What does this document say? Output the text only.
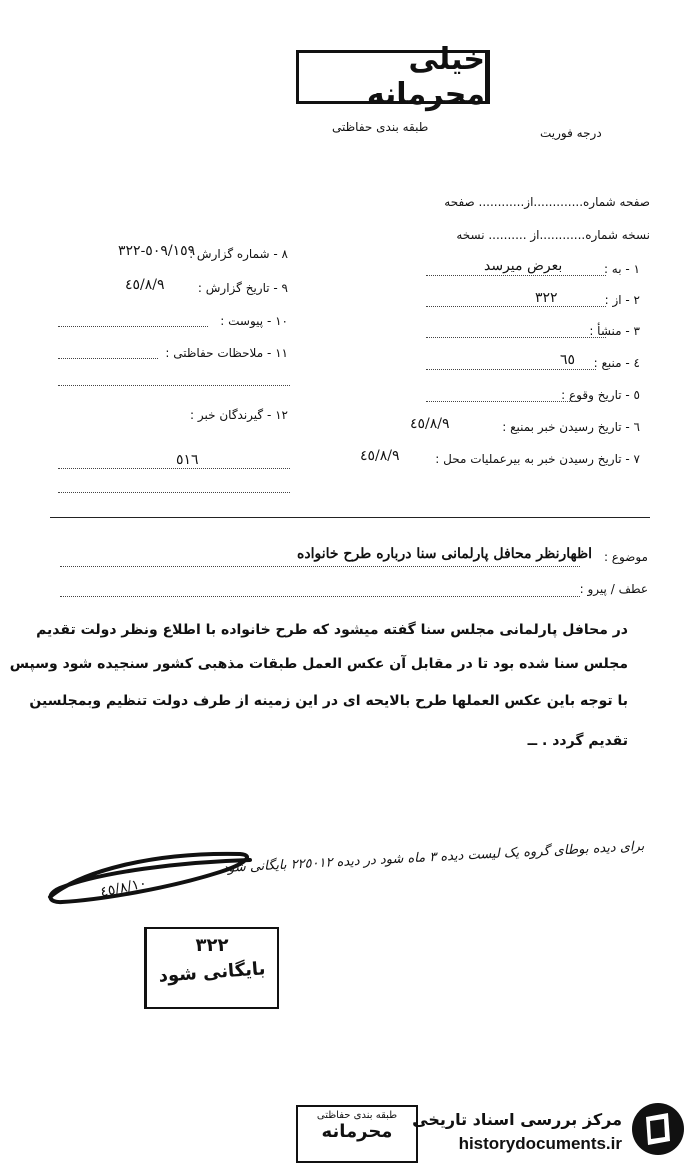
خیلی محرمانه
طبقه بندی حفاظتی	درجه فوریت
صفحه شماره.............از............ صفحه
نسخه شماره............از .......... نسخه
۱ - به :
بعرض میرسد
۲ - از :
۳۲۲
۳ - منشأ :
٤ - منبع :
٦٥
٥ - تاریخ وقوع :
٦ - تاریخ رسیدن خبر بمنبع :
٤٥/٨/٩
٧ - تاریخ رسیدن خبر به بیرعملیات محل :
٤٥/٨/٩
۸ - شماره گزارش :
٥٠٩/١٥٩-٣٢٢
۹ - تاریخ گزارش :
٤٥/٨/٩
۱۰ - پیوست :
۱۱ - ملاحظات حفاظتی :
۱۲ - گیرندگان خبر :
٥١٦
موضوع :
اظهارنظر محافل پارلمانی سنا درباره طرح خانواده
عطف / پیرو :
در محافل پارلمانی مجلس سنا گفته میشود که طرح خانواده با اطلاع ونظر دولت تقدیم
مجلس سنا شده بود تا در مقابل آن عکس العمل طبقات مذهبی کشور سنجیده شود وسپس
با توجه باین عکس العملها طرح بالایحه ای در این زمینه از طرف دولت تنظیم وبمجلسین
تقدیم گردد . ــ
برای دیده بوطای گروه یک لیست دیده ۳ ماه شود در دیده ۲۲٥٠١٢ بایگانی شود
٤٥/٨/١٠
۳۲۲
بایگانی شود
طبقه بندی حفاظتی
محرمانه
مرکز بررسی اسناد تاریخی
historydocuments.ir
